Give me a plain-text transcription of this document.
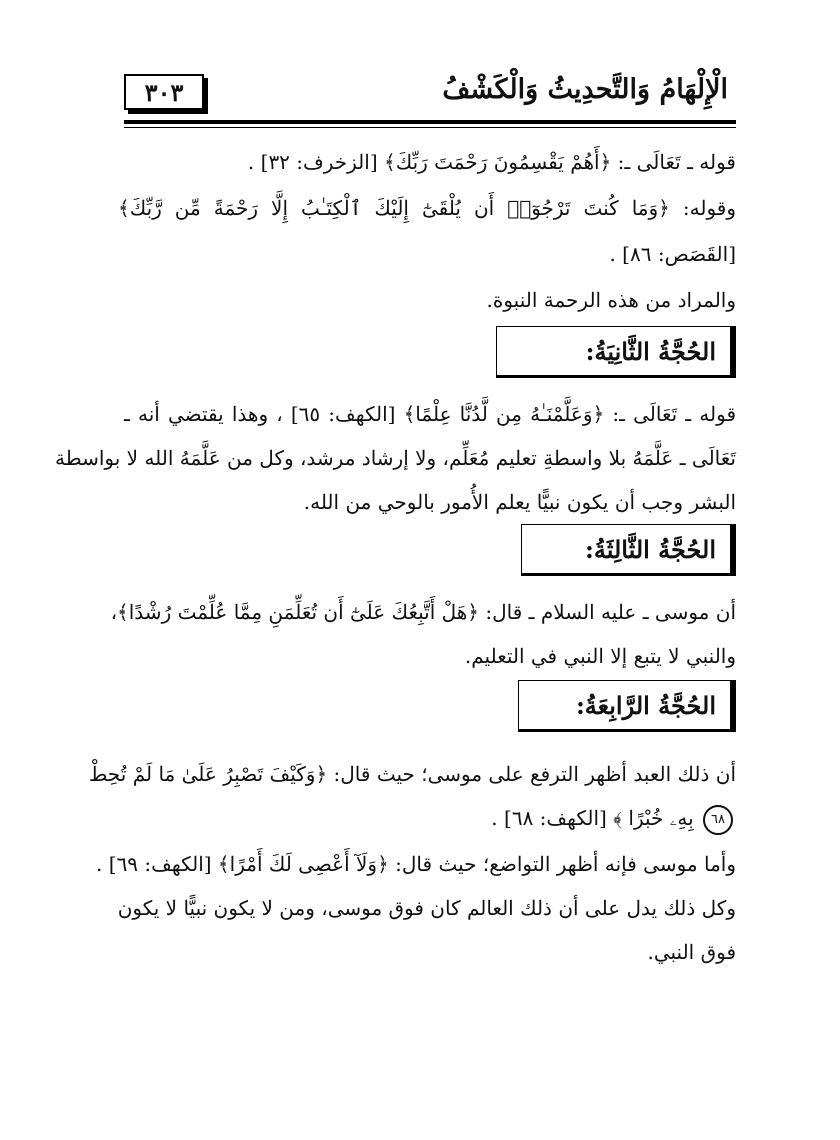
الْإِلْهَامُ وَالتَّحدِيثُ وَالْكَشْفُ
٣٠٣
قوله ـ تَعَالَى ـ: ﴿أَهُمْ يَقْسِمُونَ رَحْمَتَ رَبِّكَ﴾ [الزخرف: ٣٢] .
وقوله: ﴿وَمَا كُنتَ تَرْجُوٓا۟ أَن يُلْقَىٰٓ إِلَيْكَ ٱلْكِتَـٰبُ إِلَّا رَحْمَةً مِّن رَّبِّكَ﴾
[القَصَص: ٨٦] .
والمراد من هذه الرحمة النبوة.
الحُجَّةُ الثَّانِيَةُ:
قوله ـ تَعَالَى ـ: ﴿وَعَلَّمْنَـٰهُ مِن لَّدُنَّا عِلْمًا﴾ [الكهف: ٦٥] ، وهذا يقتضي أنه ـ
تَعَالَى ـ عَلَّمَهُ بلا واسطةِ تعليم مُعَلِّم، ولا إرشاد مرشد، وكل من عَلَّمَهُ الله لا بواسطة
البشر وجب أن يكون نبيًّا يعلم الأُمور بالوحي من الله.
الحُجَّةُ الثَّالِثَةُ:
أن موسى ـ عليه السلام ـ قال: ﴿هَلْ أَتَّبِعُكَ عَلَىٰٓ أَن تُعَلِّمَنِ مِمَّا عُلِّمْتَ رُشْدًا﴾،
والنبي لا يتبع إلا النبي في التعليم.
الحُجَّةُ الرَّابِعَةُ:
أن ذلك العبد أظهر الترفع على موسى؛ حيث قال: ﴿وَكَيْفَ تَصْبِرُ عَلَىٰ مَا لَمْ تُحِطْ
٦٨ بِهِۦ خُبْرًا ﴾ [الكهف: ٦٨] .
وأما موسى فإنه أظهر التواضع؛ حيث قال: ﴿وَلَآ أَعْصِى لَكَ أَمْرًا﴾ [الكهف: ٦٩] .
وكل ذلك يدل على أن ذلك العالم كان فوق موسى، ومن لا يكون نبيًّا لا يكون
فوق النبي.
